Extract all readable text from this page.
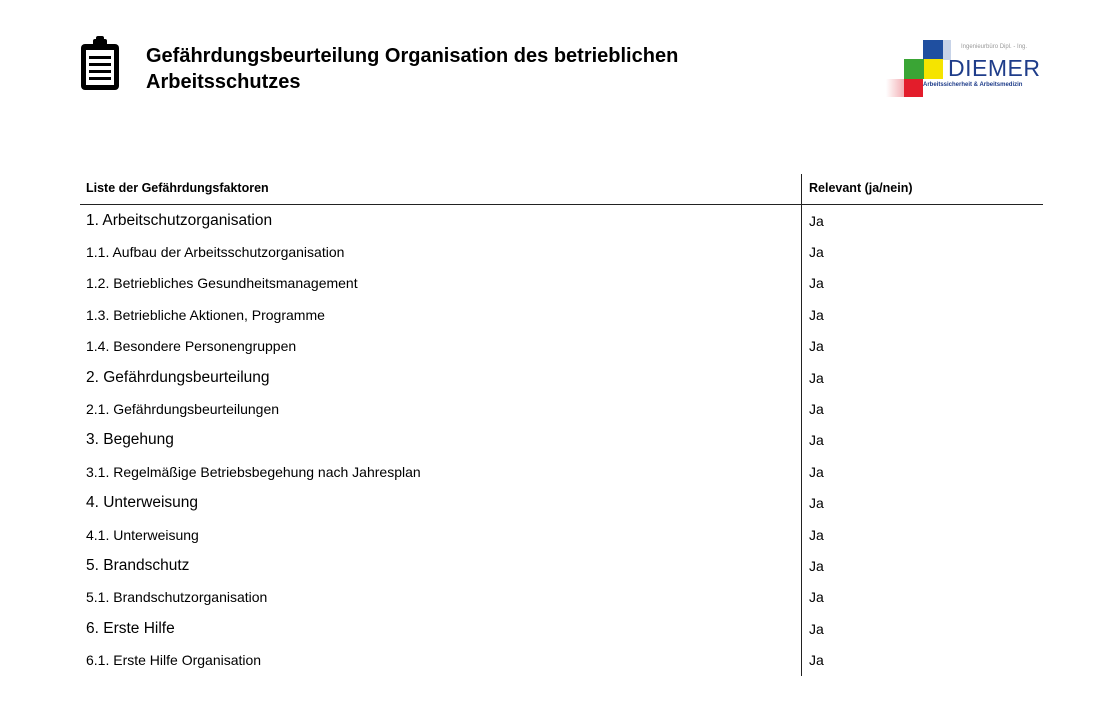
Gefährdungsbeurteilung Organisation des betrieblichen Arbeitsschutzes
Ingenieurbüro Dipl. - Ing.
DIEMER
Arbeitssicherheit & Arbeitsmedizin
Liste der Gefährdungsfaktoren	Relevant (ja/nein)
1. Arbeitschutzorganisation	Ja
1.1. Aufbau der Arbeitsschutzorganisation	Ja
1.2. Betriebliches Gesundheitsmanagement	Ja
1.3. Betriebliche Aktionen, Programme	Ja
1.4. Besondere Personengruppen	Ja
2. Gefährdungsbeurteilung	Ja
2.1. Gefährdungsbeurteilungen	Ja
3. Begehung	Ja
3.1. Regelmäßige Betriebsbegehung nach Jahresplan	Ja
4. Unterweisung	Ja
4.1. Unterweisung	Ja
5. Brandschutz	Ja
5.1. Brandschutzorganisation	Ja
6. Erste Hilfe	Ja
6.1. Erste Hilfe Organisation	Ja
